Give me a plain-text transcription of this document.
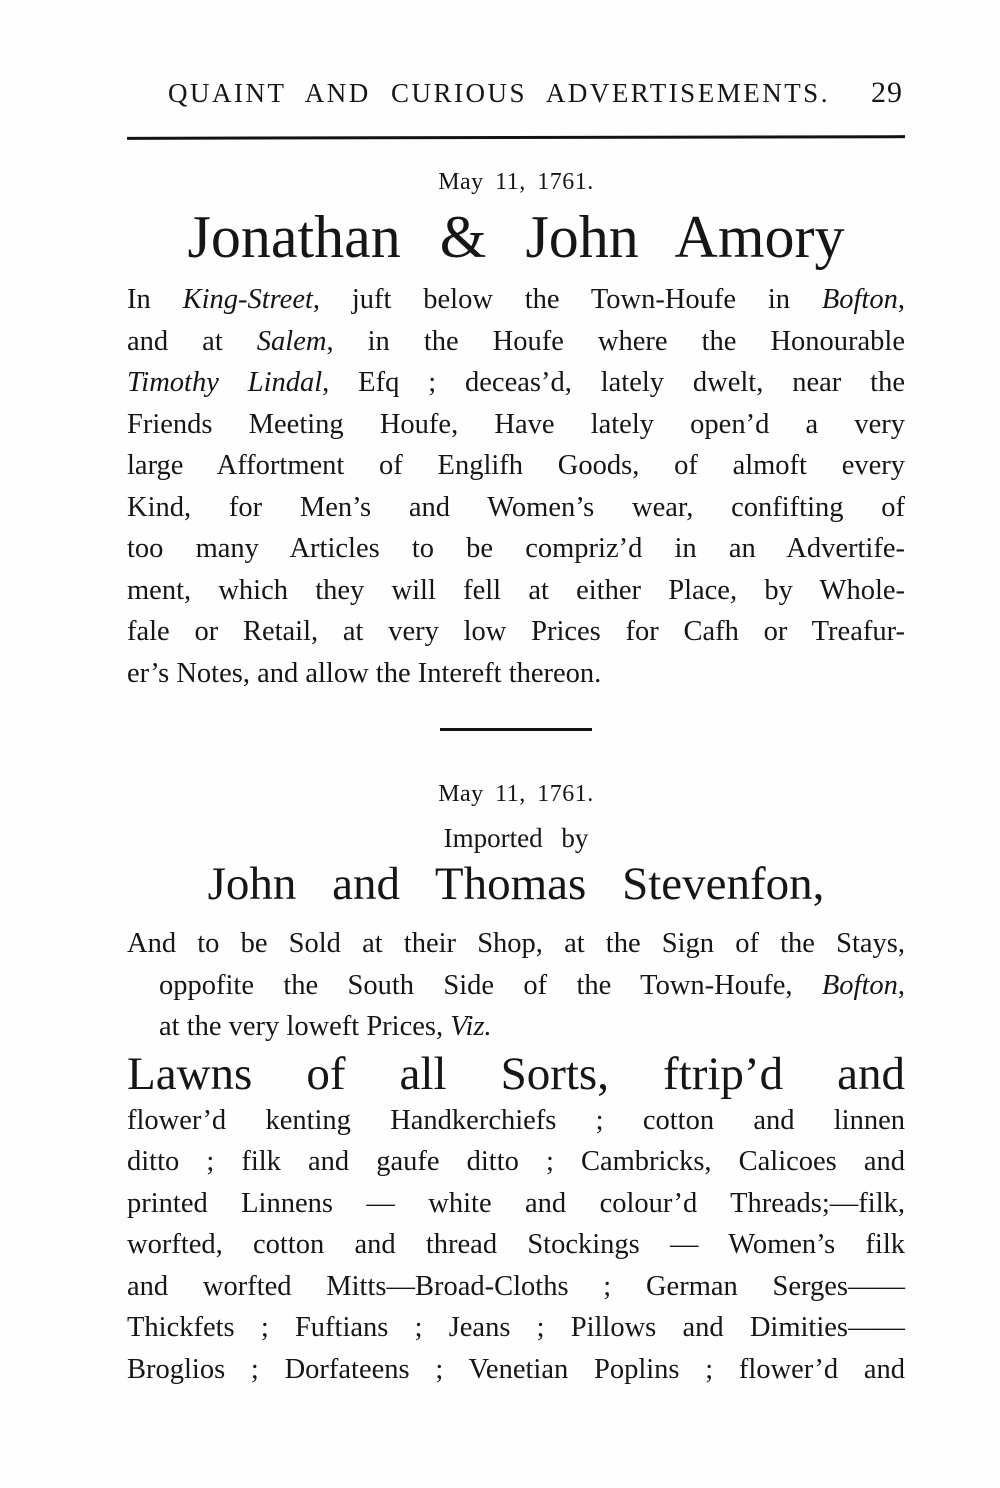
QUAINT AND CURIOUS ADVERTISEMENTS.	29
May 11, 1761.
Jonathan & John Amory
In King-Street, juft below the Town-Houfe in Bofton,
and at Salem, in the Houfe where the Honourable
Timothy Lindal, Efq ; deceas’d, lately dwelt, near the
Friends Meeting Houfe, Have lately open’d a very
large Affortment of Englifh Goods, of almoft every
Kind, for Men’s and Women’s wear, confifting of
too many Articles to be compriz’d in an Advertife-
ment, which they will fell at either Place, by Whole-
fale or Retail, at very low Prices for Cafh or Treafur-
er’s Notes, and allow the Intereft thereon.
May 11, 1761.
Imported by
John and Thomas Stevenfon,
And to be Sold at their Shop, at the Sign of the Stays,
oppofite the South Side of the Town-Houfe, Bofton,
at the very loweft Prices, Viz.
Lawns of all Sorts, ftrip’d and
flower’d kenting Handkerchiefs ; cotton and linnen
ditto ; filk and gaufe ditto ; Cambricks, Calicoes and
printed Linnens — white and colour’d Threads;—filk,
worfted, cotton and thread Stockings — Women’s filk
and worfted Mitts—Broad-Cloths ; German Serges——
Thickfets ; Fuftians ; Jeans ; Pillows and Dimities——
Broglios ; Dorfateens ; Venetian Poplins ; flower’d and
